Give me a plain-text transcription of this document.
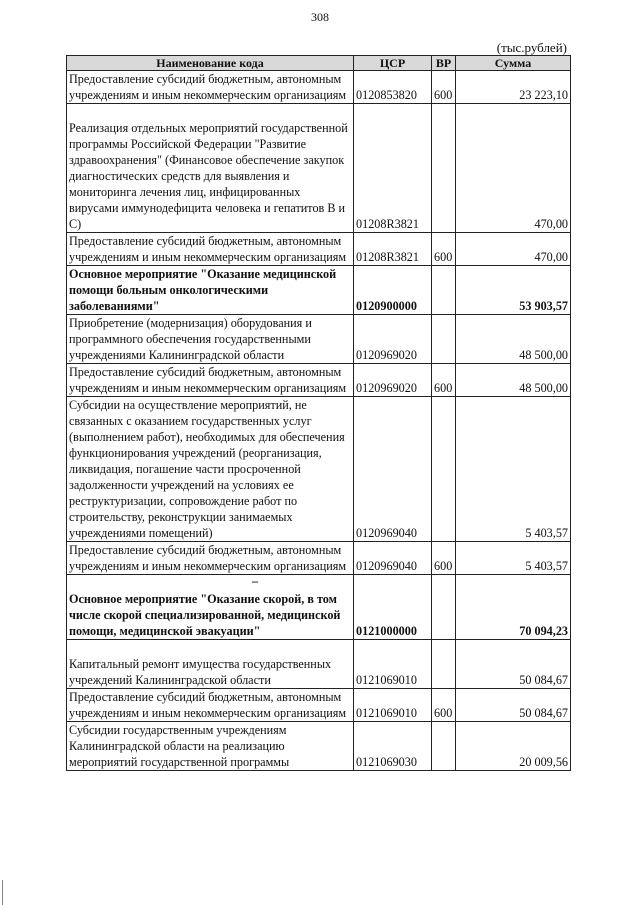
308
(тыс.рублей)
Наименование кода	ЦСР	ВР	Сумма
Предоставление субсидий бюджетным, автономным учреждениям и иным некоммерческим организациям	0120853820	600	23 223,10

Реализация отдельных мероприятий государственной программы Российской Федерации "Развитие здравоохранения" (Финансовое обеспечение закупок диагностических средств для выявления и мониторинга лечения лиц, инфицированных вирусами иммунодефицита человека и гепатитов B и C)	01208R3821		470,00
Предоставление субсидий бюджетным, автономным учреждениям и иным некоммерческим организациям	01208R3821	600	470,00
Основное мероприятие "Оказание медицинской помощи больным онкологическими заболеваниями"	0120900000		53 903,57
Приобретение (модернизация) оборудования и программного обеспечения государственными учреждениями Калининградской области	0120969020		48 500,00
Предоставление субсидий бюджетным, автономным учреждениям и иным некоммерческим организациям	0120969020	600	48 500,00
Субсидии на осуществление мероприятий, не связанных с оказанием государственных услуг (выполнением работ), необходимых для обеспечения функционирования учреждений (реорганизация, ликвидация, погашение части просроченной задолженности учреждений на условиях ее реструктуризации, сопровождение работ по строительству, реконструкции занимаемых учреждениями помещений)	0120969040		5 403,57
Предоставление субсидий бюджетным, автономным учреждениям и иным некоммерческим организациям	0120969040	600	5 403,57

–
Основное мероприятие "Оказание скорой, в том числе скорой специализированной, медицинской помощи, медицинской эвакуации"	0121000000		70 094,23

Капитальный ремонт имущества государственных учреждений Калининградской области	0121069010		50 084,67
Предоставление субсидий бюджетным, автономным учреждениям и иным некоммерческим организациям	0121069010	600	50 084,67
Субсидии государственным учреждениям Калининградской области на реализацию мероприятий государственной программы	0121069030		20 009,56
